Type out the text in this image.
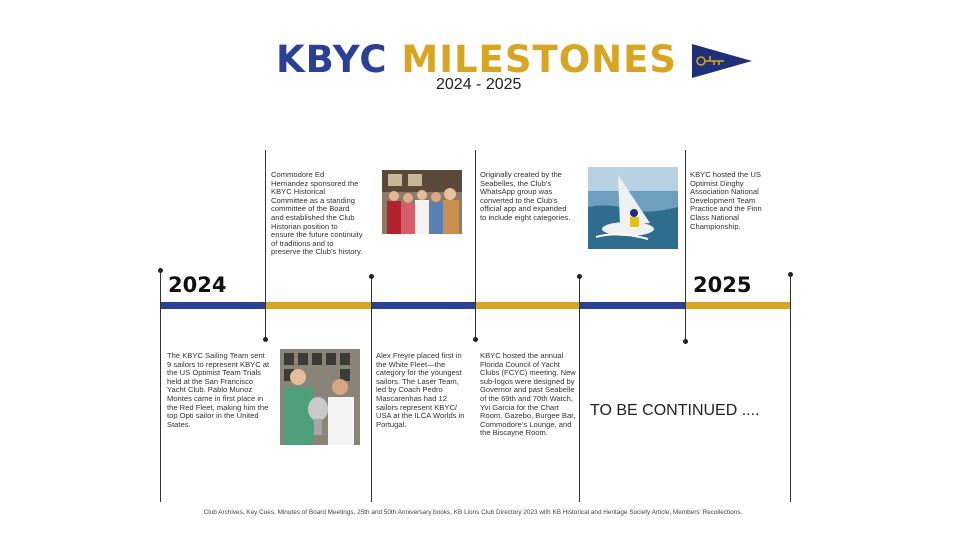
KBYC MILESTONES
2024 - 2025
2024	2025
Commodore Ed Hernandez sponsored the KBYC Historical Committee as a standing committee of the Board and established the Club Historian position to ensure the future continuity of traditions and to preserve the Club’s history.
Originally created by the Seabelles, the Club’s WhatsApp group was converted to the Club’s official app and expanded to include eight categories.
KBYC hosted the US Optimist Dinghy Association National Development Team Practice and the Finn Class National Championship.
The KBYC Sailing Team sent 9 sailors to represent KBYC at the US Optimist Team Trials held at the San Francisco Yacht Club. Pablo Munoz Montes came in first place in the Red Fleet, making him the top Opti sailor in the United States.
Alex Freyre placed first in the White Fleet—the category for the youngest sailors. The Laser Team, led by Coach Pedro Mascarenhas had 12 sailors represent KBYC/ USA at the ILCA Worlds in Portugal.
KBYC hosted the annual Florida Council of Yacht Clubs (FCYC) meeting. New sub-logos were designed by Governor and past Seabelle of the 69th and 70th Watch, Yvi Garcia for the Chart Room, Gazebo, Burgee Bar, Commodore’s Lounge, and the Biscayne Room.
TO BE CONTINUED ....
Club Archives, Key Cues, Minutes of Board Meetings, 25th and 50th Anniversary books, KB Lions Club Directory 2023 with KB Historical and Heritage Society Article, Members’ Recollections.
